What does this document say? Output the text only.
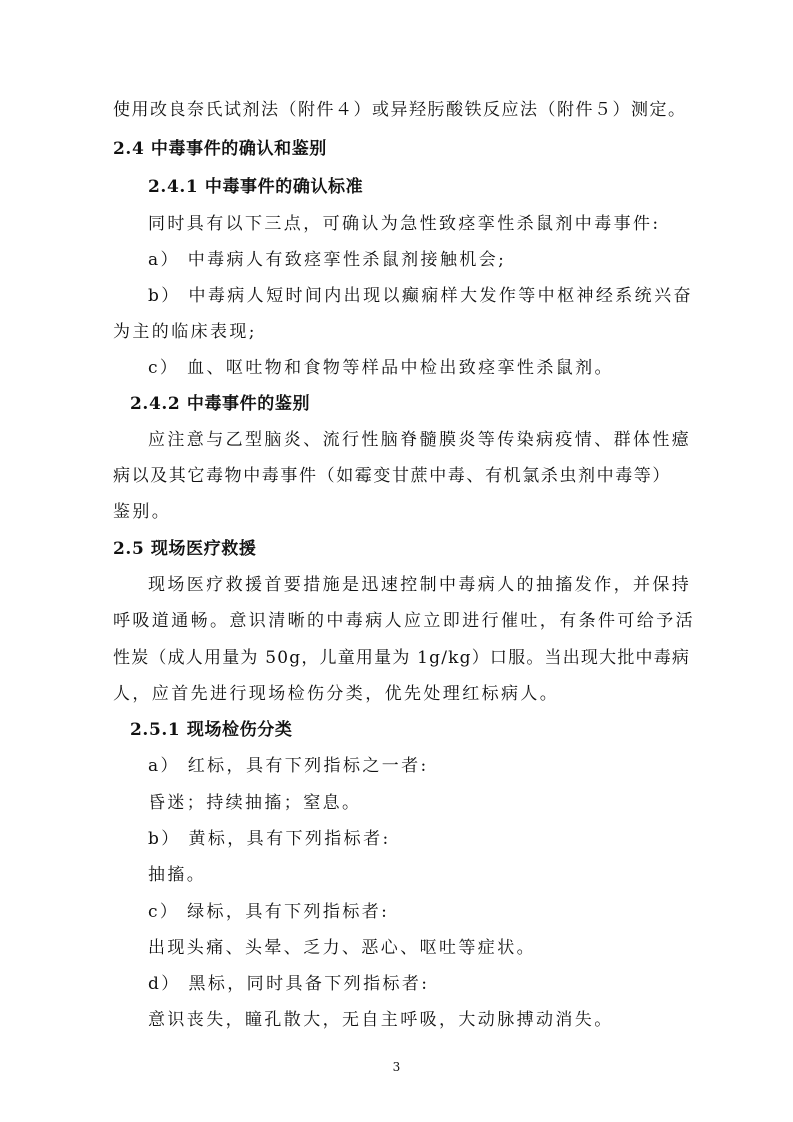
使用改良奈氏试剂法（附件４）或异羟肟酸铁反应法（附件５）测定。
2.4 中毒事件的确认和鉴别
2.4.1 中毒事件的确认标准
同时具有以下三点，可确认为急性致痉挛性杀鼠剂中毒事件:
a） 中毒病人有致痉挛性杀鼠剂接触机会;
b） 中毒病人短时间内出现以癫痫样大发作等中枢神经系统兴奋
为主的临床表现;
c） 血、呕吐物和食物等样品中检出致痉挛性杀鼠剂。
2.4.2 中毒事件的鉴别
应注意与乙型脑炎、流行性脑脊髓膜炎等传染病疫情、群体性癔
病以及其它毒物中毒事件（如霉变甘蔗中毒、有机氯杀虫剂中毒等）
鉴别。
2.5 现场医疗救援
现场医疗救援首要措施是迅速控制中毒病人的抽搐发作，并保持
呼吸道通畅。意识清晰的中毒病人应立即进行催吐，有条件可给予活
性炭（成人用量为 50g，儿童用量为 1g/kg）口服。当出现大批中毒病
人，应首先进行现场检伤分类，优先处理红标病人。
2.5.1 现场检伤分类
a） 红标，具有下列指标之一者:
昏迷；持续抽搐；窒息。
b） 黄标，具有下列指标者:
抽搐。
c） 绿标，具有下列指标者:
出现头痛、头晕、乏力、恶心、呕吐等症状。
d） 黑标，同时具备下列指标者:
意识丧失，瞳孔散大，无自主呼吸，大动脉搏动消失。
3
